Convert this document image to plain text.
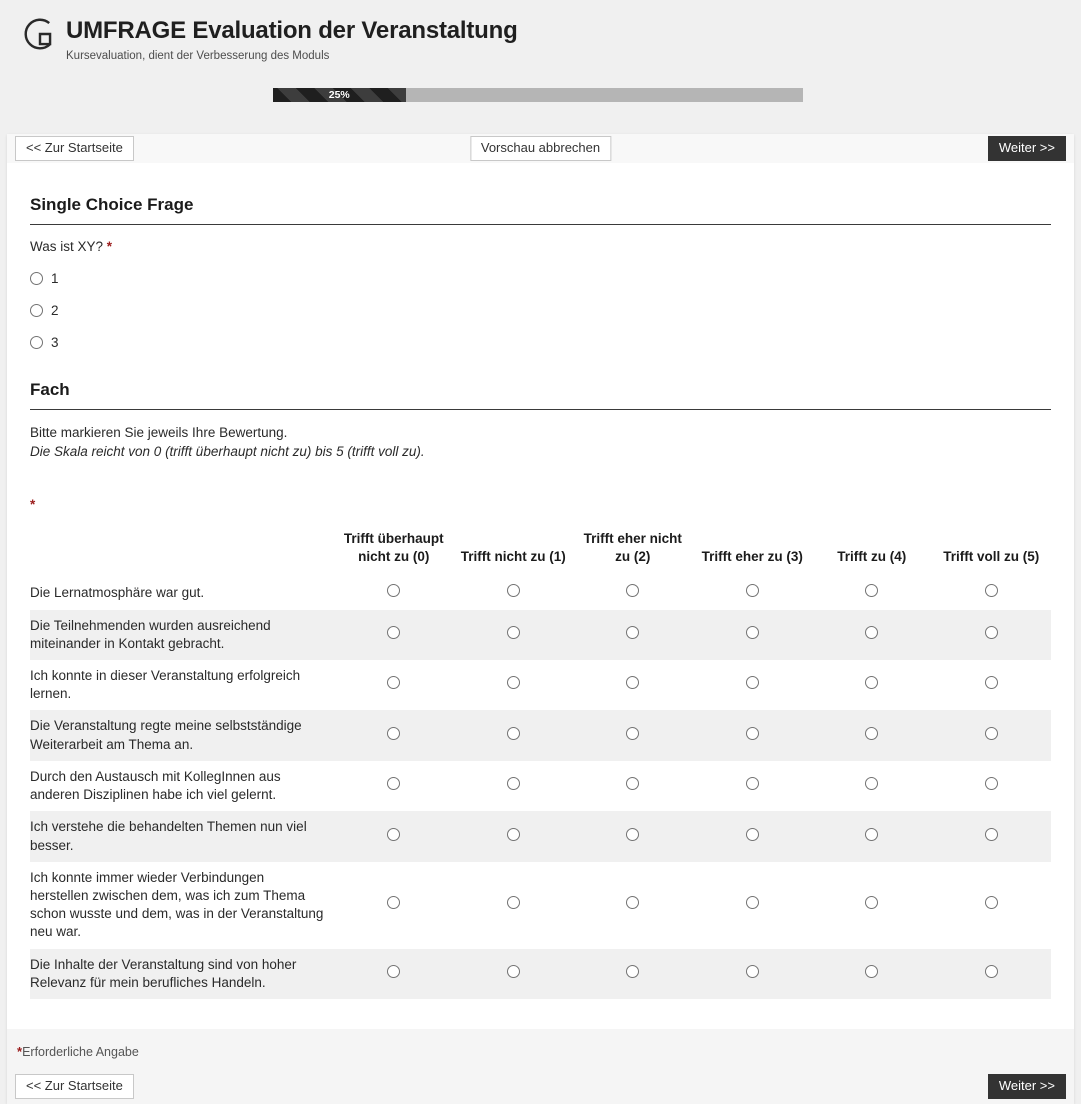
UMFRAGE Evaluation der Veranstaltung
Kursevaluation, dient der Verbesserung des Moduls
25%
<< Zur Startseite	Vorschau abbrechen	Weiter >>
Single Choice Frage

Was ist XY? *

1
2
3
Fach

Bitte markieren Sie jeweils Ihre Bewertung.

Die Skala reicht von 0 (trifft überhaupt nicht zu) bis 5 (trifft voll zu).

*
	Trifft überhaupt nicht zu (0)	Trifft nicht zu (1)	Trifft eher nicht zu (2)	Trifft eher zu (3)	Trifft zu (4)	Trifft voll zu (5)
Die Lernatmosphäre war gut.						
Die Teilnehmenden wurden ausreichend miteinander in Kontakt gebracht.						
Ich konnte in dieser Veranstaltung erfolgreich lernen.						
Die Veranstaltung regte meine selbstständige Weiterarbeit am Thema an.						
Durch den Austausch mit KollegInnen aus anderen Disziplinen habe ich viel gelernt.						
Ich verstehe die behandelten Themen nun viel besser.						
Ich konnte immer wieder Verbindungen herstellen zwischen dem, was ich zum Thema schon wusste und dem, was in der Veranstaltung neu war.						
Die Inhalte der Veranstaltung sind von hoher Relevanz für mein berufliches Handeln.						
*Erforderliche Angabe
<< Zur Startseite	Weiter >>
